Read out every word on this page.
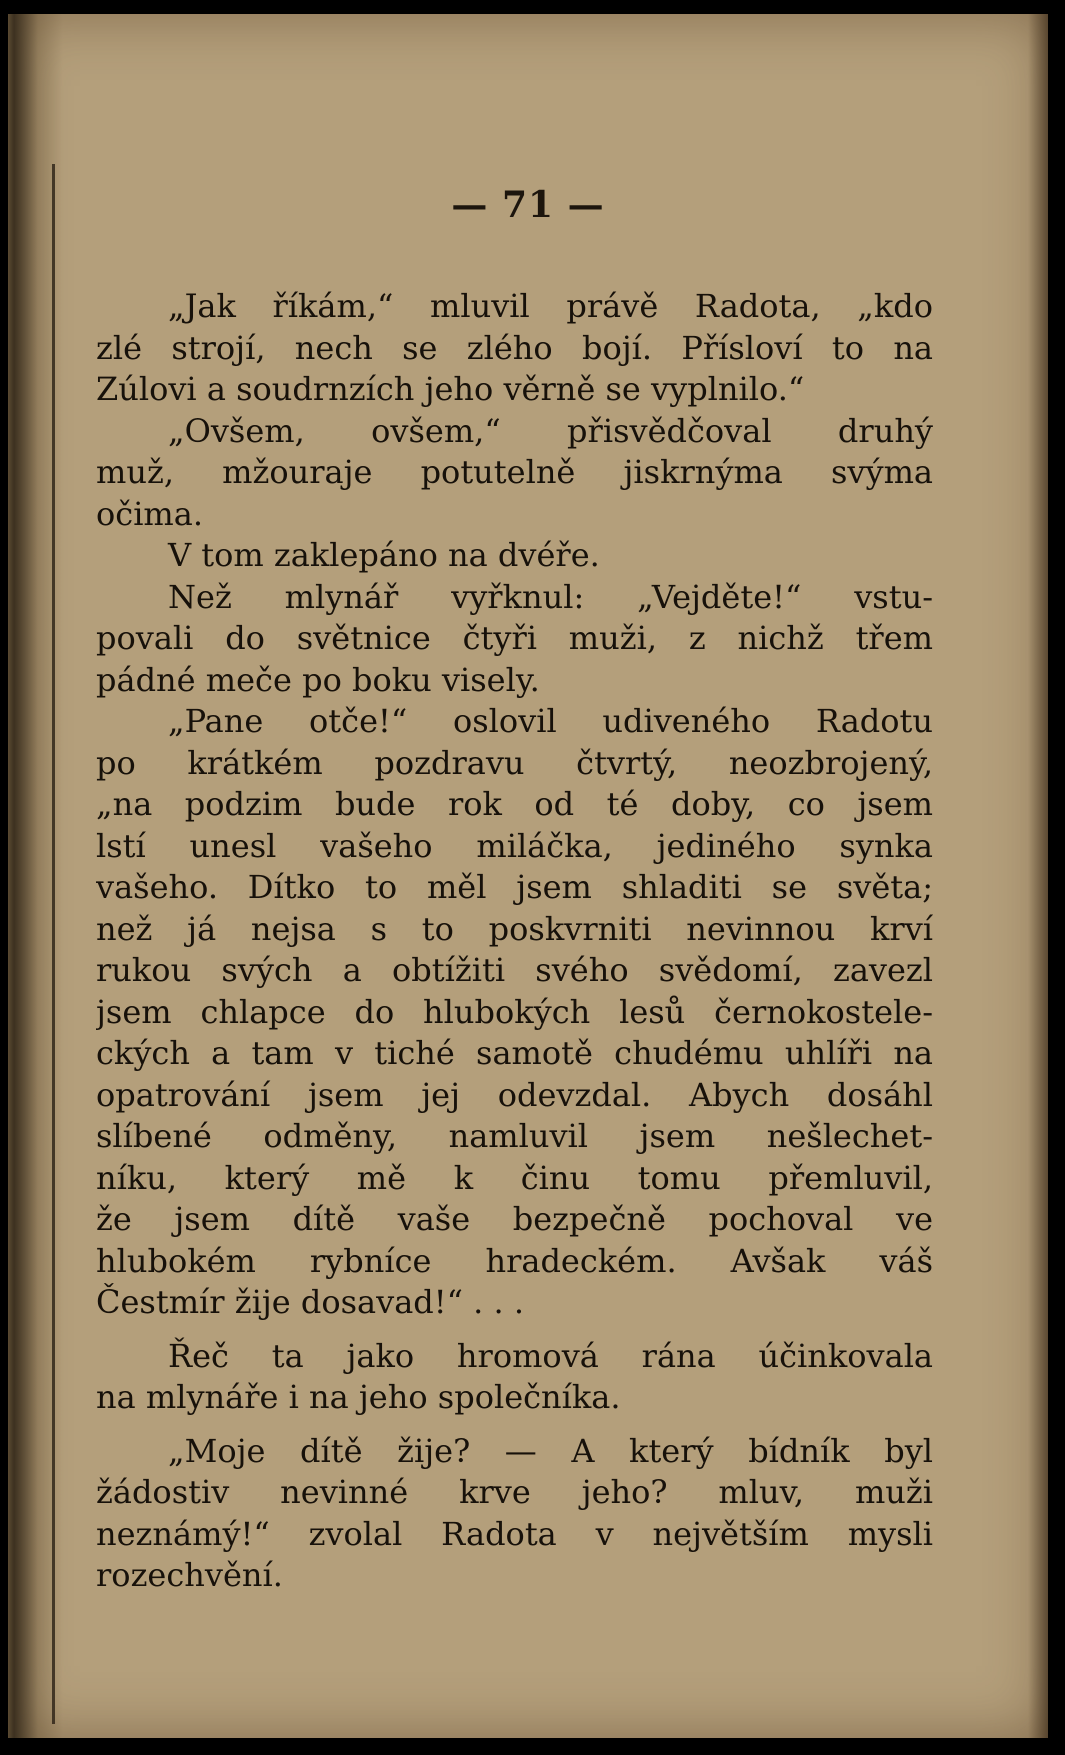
— 71 —
„Jak říkám,“ mluvil právě Radota, „kdo
zlé strojí, nech se zlého bojí. Přísloví to na
Zúlovi a soudrnzích jeho věrně se vyplnilo.“
„Ovšem, ovšem,“ přisvědčoval druhý
muž, mžouraje potutelně jiskrnýma svýma
očima.
V tom zaklepáno na dvéře.
Než mlynář vyřknul: „Vejděte!“ vstu-
povali do světnice čtyři muži, z nichž třem
pádné meče po boku visely.
„Pane otče!“ oslovil udiveného Radotu
po krátkém pozdravu čtvrtý, neozbrojený,
„na podzim bude rok od té doby, co jsem
lstí unesl vašeho miláčka, jediného synka
vašeho. Dítko to měl jsem shladiti se světa;
než já nejsa s to poskvrniti nevinnou krví
rukou svých a obtížiti svého svědomí, zavezl
jsem chlapce do hlubokých lesů černokostele-
ckých a tam v tiché samotě chudému uhlíři na
opatrování jsem jej odevzdal. Abych dosáhl
slíbené odměny, namluvil jsem nešlechet-
níku, který mě k činu tomu přemluvil,
že jsem dítě vaše bezpečně pochoval ve
hlubokém rybníce hradeckém. Avšak váš
Čestmír žije dosavad!“ . . .
Řeč ta jako hromová rána účinkovala
na mlynáře i na jeho společníka.
„Moje dítě žije? — A který bídník byl
žádostiv nevinné krve jeho? mluv, muži
neznámý!“ zvolal Radota v největším mysli
rozechvění.
